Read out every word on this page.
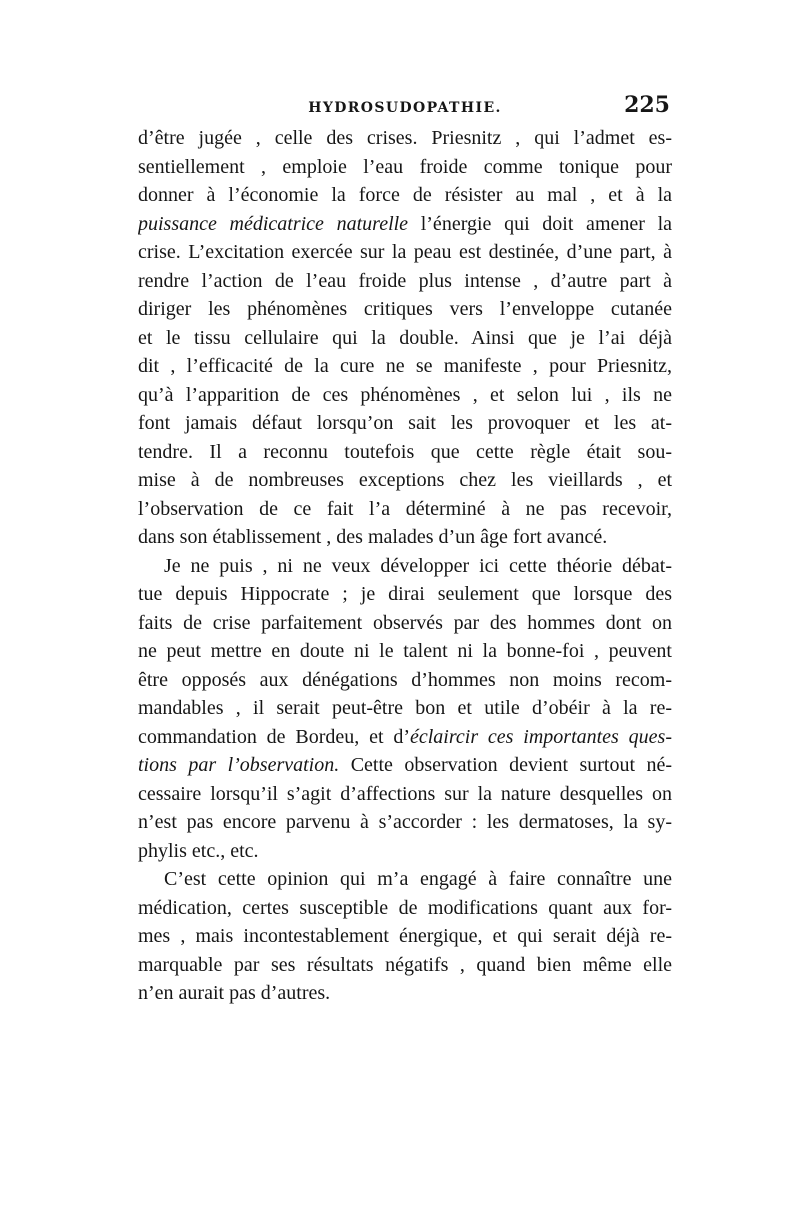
HYDROSUDOPATHIE.	225
d’être jugée , celle des crises. Priesnitz , qui l’admet es-
sentiellement , emploie l’eau froide comme tonique pour
donner à l’économie la force de résister au mal , et à la
puissance médicatrice naturelle l’énergie qui doit amener la
crise. L’excitation exercée sur la peau est destinée, d’une part, à
rendre l’action de l’eau froide plus intense , d’autre part à
diriger les phénomènes critiques vers l’enveloppe cutanée
et le tissu cellulaire qui la double. Ainsi que je l’ai déjà
dit , l’efficacité de la cure ne se manifeste , pour Priesnitz,
qu’à l’apparition de ces phénomènes , et selon lui , ils ne
font jamais défaut lorsqu’on sait les provoquer et les at-
tendre. Il a reconnu toutefois que cette règle était sou-
mise à de nombreuses exceptions chez les vieillards , et
l’observation de ce fait l’a déterminé à ne pas recevoir,
dans son établissement , des malades d’un âge fort avancé.
Je ne puis , ni ne veux développer ici cette théorie débat-
tue depuis Hippocrate ; je dirai seulement que lorsque des
faits de crise parfaitement observés par des hommes dont on
ne peut mettre en doute ni le talent ni la bonne-foi , peuvent
être opposés aux dénégations d’hommes non moins recom-
mandables , il serait peut-être bon et utile d’obéir à la re-
commandation de Bordeu, et d’éclaircir ces importantes ques-
tions par l’observation. Cette observation devient surtout né-
cessaire lorsqu’il s’agit d’affections sur la nature desquelles on
n’est pas encore parvenu à s’accorder : les dermatoses, la sy-
phylis etc., etc.
C’est cette opinion qui m’a engagé à faire connaître une
médication, certes susceptible de modifications quant aux for-
mes , mais incontestablement énergique, et qui serait déjà re-
marquable par ses résultats négatifs , quand bien même elle
n’en aurait pas d’autres.
